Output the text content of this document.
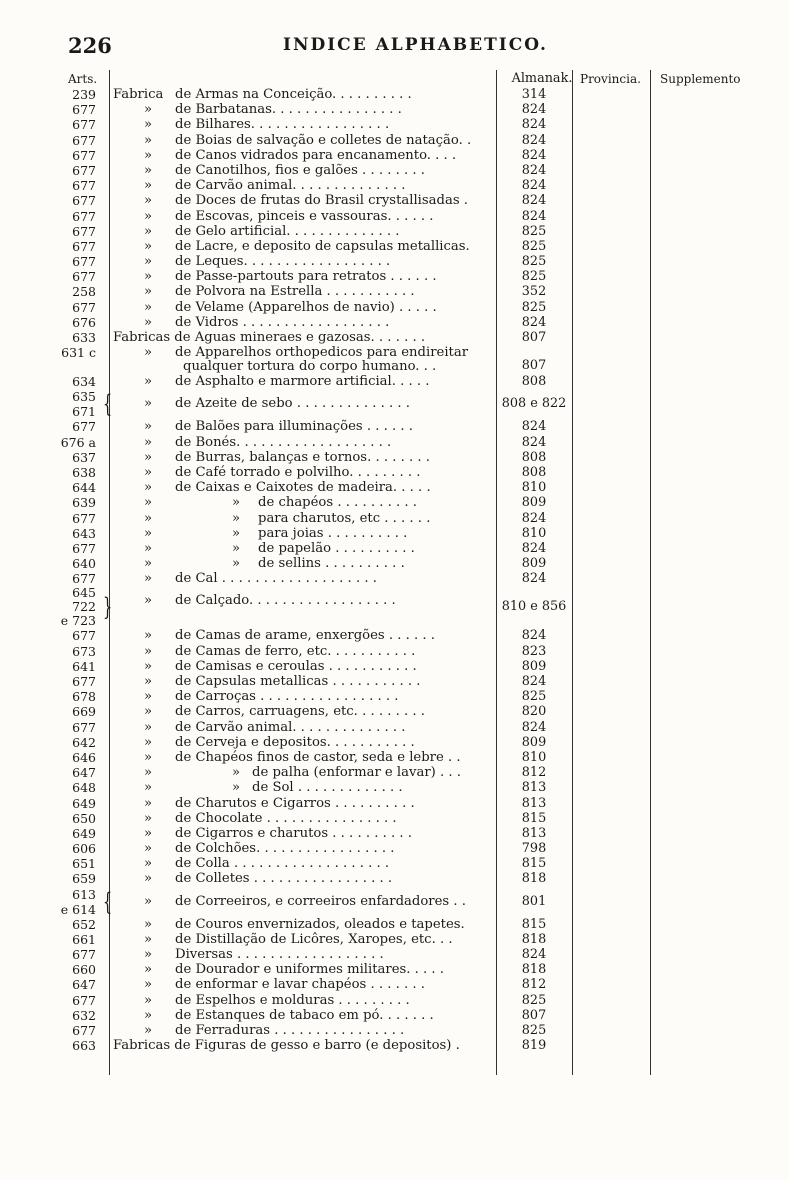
226	INDICE ALPHABETICO.
Arts.	Almanak. Provincia. Supplemento
239 Fabrica de Armas na Conceição. . . . . . . . . .	314
677	»	de Barbatanas. . . . . . . . . . . . . . . .	824
677	»	de Bilhares. . . . . . . . . . . . . . . . .	824
677	»	de Boias de salvação e colletes de natação. .	824
677	»	de Canos vidrados para encanamento. . . .	824
677	»	de Canotilhos, fios e galões . . . . . . . .	824
677	»	de Carvão animal. . . . . . . . . . . . . .	824
677	»	de Doces de frutas do Brasil crystallisadas .	824
677	»	de Escovas, pinceis e vassouras. . . . . .	824
677	»	de Gelo artificial. . . . . . . . . . . . . .	825
677	»	de Lacre, e deposito de capsulas metallicas.	825
677	»	de Leques. . . . . . . . . . . . . . . . . .	825
677	»	de Passe-partouts para retratos . . . . . .	825
258	»	de Polvora na Estrella . . . . . . . . . . .	352
677	»	de Velame (Apparelhos de navio) . . . . .	825
676	»	de Vidros . . . . . . . . . . . . . . . . . .	824
633 Fabricas de Aguas mineraes e gazosas. . . . . . .	807
631 c	»	de Apparelhos orthopedicos para endireitar
qualquer tortura do corpo humano. . .	807
634	»	de Asphalto e marmore artificial. . . . .	808
635
671 {	»	de Azeite de sebo . . . . . . . . . . . . . .	808 e 822
677	»	de Balões para illuminações . . . . . .	824
676 a	»	de Bonés. . . . . . . . . . . . . . . . . . .	824
637	»	de Burras, balanças e tornos. . . . . . . .	808
638	»	de Café torrado e polvilho. . . . . . . . .	808
644	»	de Caixas e Caixotes de madeira. . . . .	810
639	»	»	de chapéos . . . . . . . . . .	809
677	»	»	para charutos, etc . . . . . .	824
643	»	»	para joias . . . . . . . . . .	810
677	»	»	de papelão . . . . . . . . . .	824
640	»	»	de sellins . . . . . . . . . .	809
677	»	de Cal . . . . . . . . . . . . . . . . . . .	824
645
722
e 723 }	»	de Calçado. . . . . . . . . . . . . . . . . .	810 e 856
677	»	de Camas de arame, enxergões . . . . . .	824
673	»	de Camas de ferro, etc. . . . . . . . . . .	823
641	»	de Camisas e ceroulas . . . . . . . . . . .	809
677	»	de Capsulas metallicas . . . . . . . . . . .	824
678	»	de Carroças . . . . . . . . . . . . . . . . .	825
669	»	de Carros, carruagens, etc. . . . . . . . .	820
677	»	de Carvão animal. . . . . . . . . . . . . .	824
642	»	de Cerveja e depositos. . . . . . . . . . .	809
646	»	de Chapéos finos de castor, seda e lebre . .	810
647	»	» de palha (enformar e lavar) . . .	812
648	»	» de Sol . . . . . . . . . . . . .	813
649	»	de Charutos e Cigarros . . . . . . . . . .	813
650	»	de Chocolate . . . . . . . . . . . . . . . .	815
649	»	de Cigarros e charutos . . . . . . . . . .	813
606	»	de Colchões. . . . . . . . . . . . . . . . .	798
651	»	de Colla . . . . . . . . . . . . . . . . . . .	815
659	»	de Colletes . . . . . . . . . . . . . . . . .	818
613
e 614 {	»	de Correeiros, e correeiros enfardadores . .	801
652	»	de Couros envernizados, oleados e tapetes.	815
661	»	de Distillação de Licôres, Xaropes, etc. . .	818
677	»	Diversas . . . . . . . . . . . . . . . . . .	824
660	»	de Dourador e uniformes militares. . . . .	818
647	»	de enformar e lavar chapéos . . . . . . .	812
677	»	de Espelhos e molduras . . . . . . . . .	825
632	»	de Estanques de tabaco em pó. . . . . . .	807
677	»	de Ferraduras . . . . . . . . . . . . . . . .	825
663 Fabricas de Figuras de gesso e barro (e depositos) .	819
